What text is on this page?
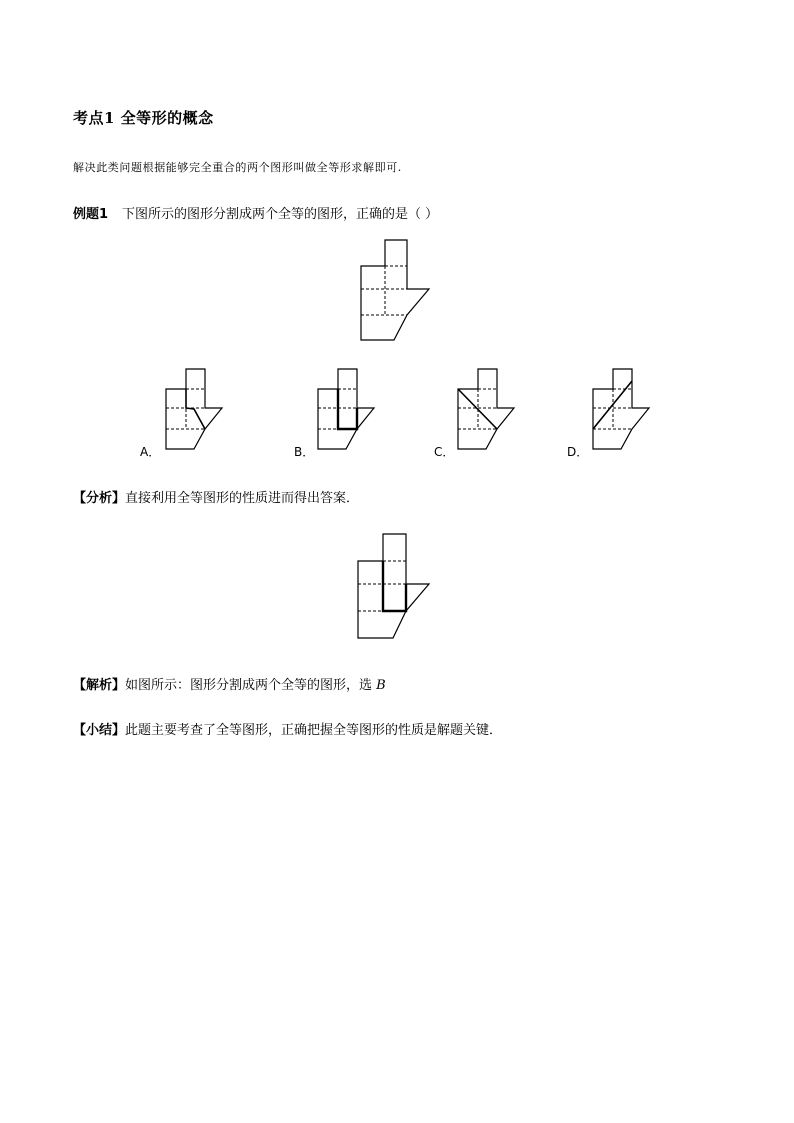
考点1 全等形的概念
解决此类问题根据能够完全重合的两个图形叫做全等形求解即可.
例题1 下图所示的图形分割成两个全等的图形，正确的是（ ）
A．	B．	C．	D．
【分析】直接利用全等图形的性质进而得出答案．
【解析】如图所示：图形分割成两个全等的图形，选 B
【小结】此题主要考查了全等图形，正确把握全等图形的性质是解题关键．
